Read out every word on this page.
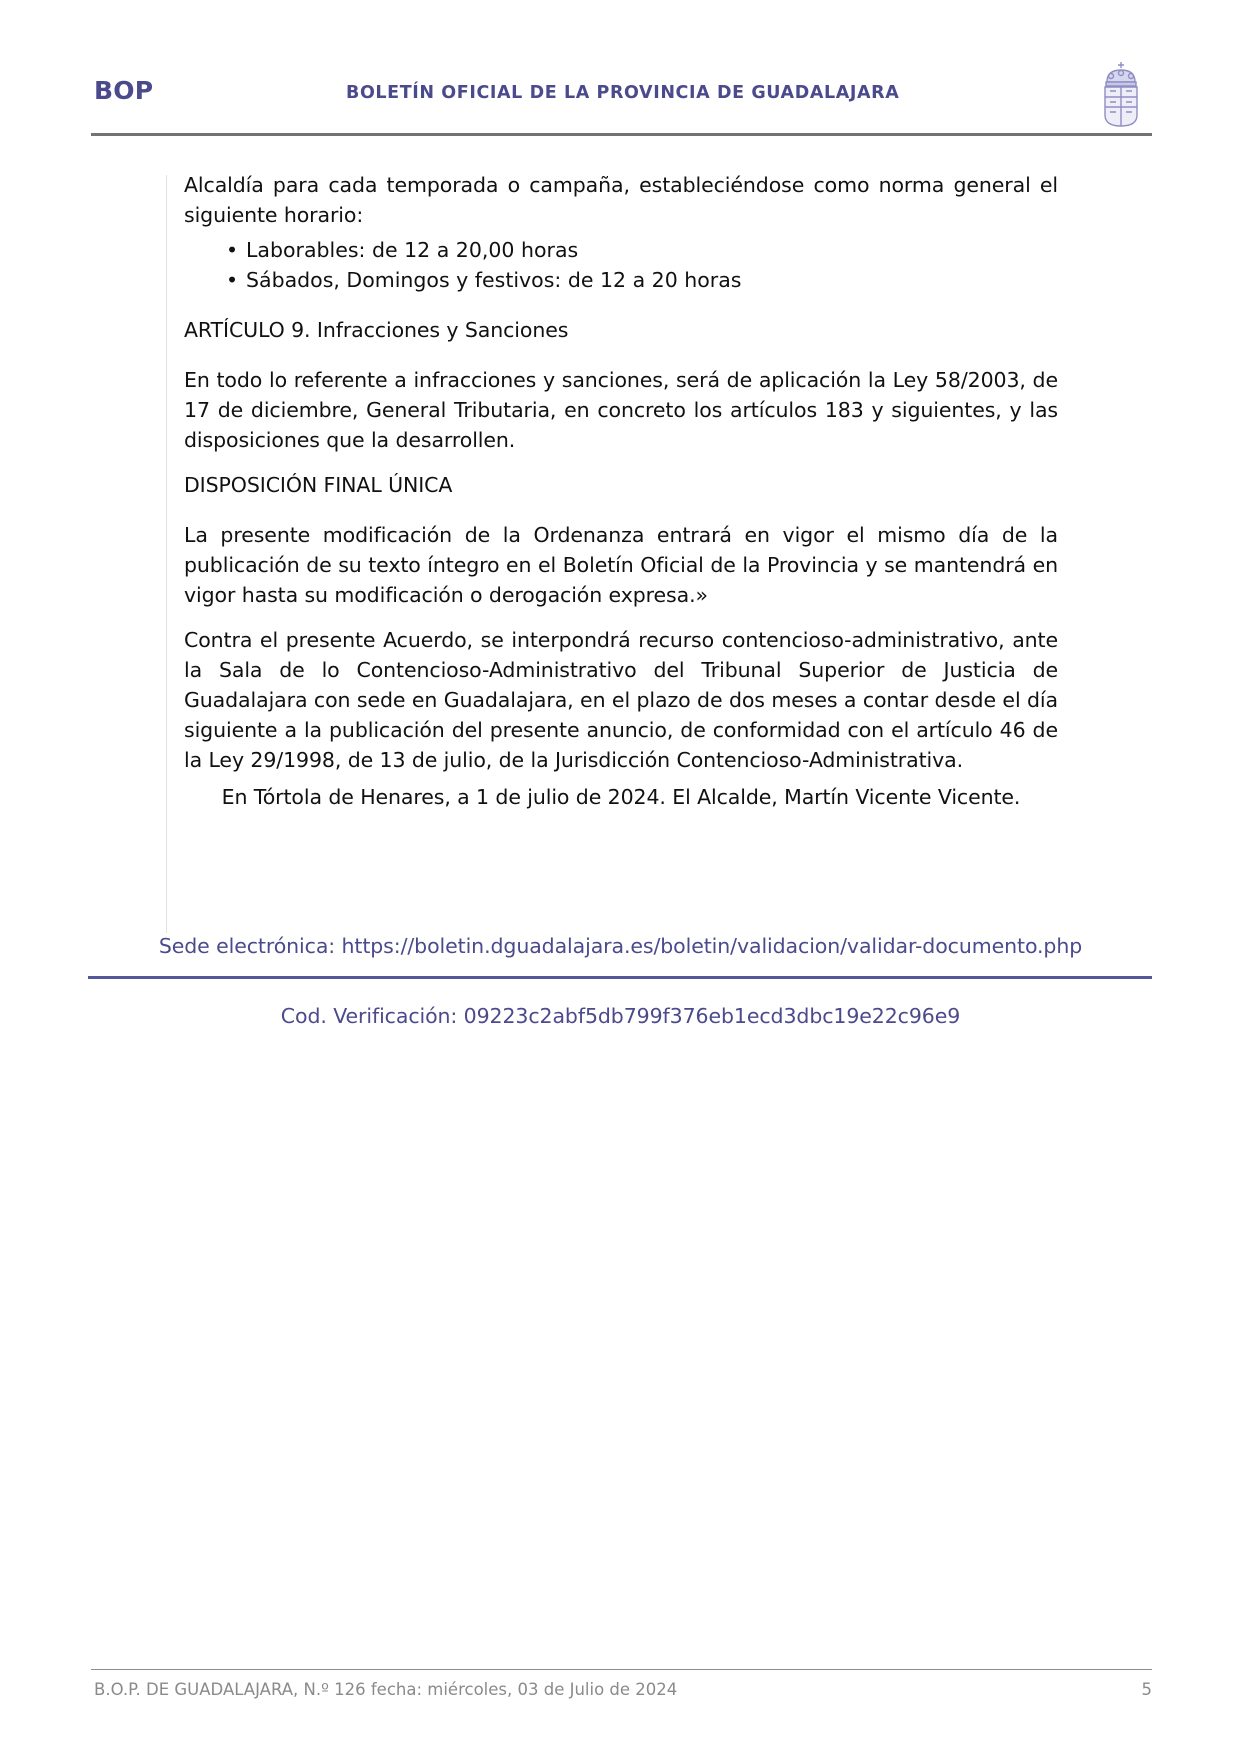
BOP	BOLETÍN OFICIAL DE LA PROVINCIA DE GUADALAJARA

Alcaldía para cada temporada o campaña, estableciéndose como norma general el siguiente horario:

• Laborables: de 12 a 20,00 horas
• Sábados, Domingos y festivos: de 12 a 20 horas

ARTÍCULO 9. Infracciones y Sanciones

En todo lo referente a infracciones y sanciones, será de aplicación la Ley 58/2003, de 17 de diciembre, General Tributaria, en concreto los artículos 183 y siguientes, y las disposiciones que la desarrollen.

DISPOSICIÓN FINAL ÚNICA

La presente modificación de la Ordenanza entrará en vigor el mismo día de la publicación de su texto íntegro en el Boletín Oficial de la Provincia y se mantendrá en vigor hasta su modificación o derogación expresa.»

Contra el presente Acuerdo, se interpondrá recurso contencioso-administrativo, ante la Sala de lo Contencioso-Administrativo del Tribunal Superior de Justicia de Guadalajara con sede en Guadalajara, en el plazo de dos meses a contar desde el día siguiente a la publicación del presente anuncio, de conformidad con el artículo 46 de la Ley 29/1998, de 13 de julio, de la Jurisdicción Contencioso-Administrativa.

En Tórtola de Henares, a 1 de julio de 2024. El Alcalde, Martín Vicente Vicente.

Sede electrónica: https://boletin.dguadalajara.es/boletin/validacion/validar-documento.php
Cod. Verificación: 09223c2abf5db799f376eb1ecd3dbc19e22c96e9
B.O.P. DE GUADALAJARA, N.º 126 fecha: miércoles, 03 de Julio de 2024	5
